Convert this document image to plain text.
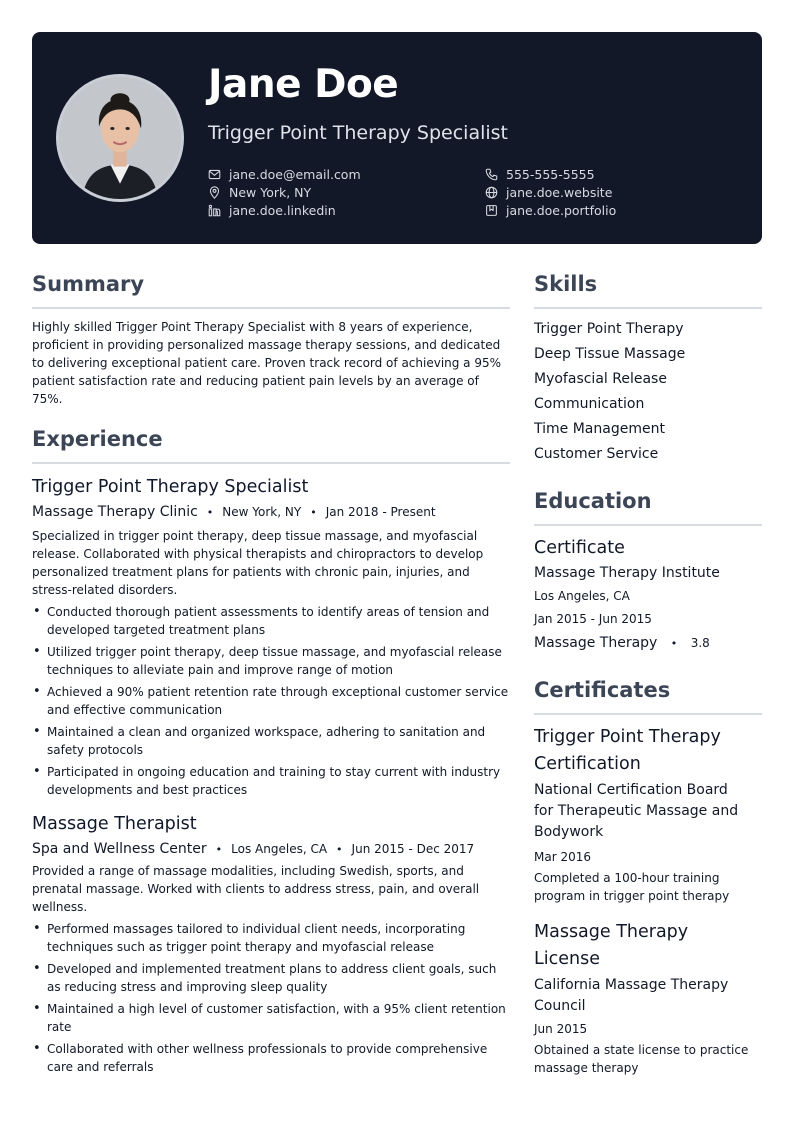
Jane Doe
Trigger Point Therapy Specialist
jane.doe@email.com
New York, NY
jane.doe.linkedin
555-555-5555
jane.doe.website
jane.doe.portfolio
Summary

Highly skilled Trigger Point Therapy Specialist with 8 years of experience, proficient in providing personalized massage therapy sessions, and dedicated to delivering exceptional patient care. Proven track record of achieving a 95% patient satisfaction rate and reducing patient pain levels by an average of 75%.

Experience
Trigger Point Therapy Specialist
Massage Therapy Clinic • New York, NY • Jan 2018 - Present

Specialized in trigger point therapy, deep tissue massage, and myofascial release. Collaborated with physical therapists and chiropractors to develop personalized treatment plans for patients with chronic pain, injuries, and stress-related disorders.

• Conducted thorough patient assessments to identify areas of tension and developed targeted treatment plans
• Utilized trigger point therapy, deep tissue massage, and myofascial release techniques to alleviate pain and improve range of motion
• Achieved a 90% patient retention rate through exceptional customer service and effective communication
• Maintained a clean and organized workspace, adhering to sanitation and safety protocols
• Participated in ongoing education and training to stay current with industry developments and best practices
Massage Therapist
Spa and Wellness Center • Los Angeles, CA • Jun 2015 - Dec 2017

Provided a range of massage modalities, including Swedish, sports, and prenatal massage. Worked with clients to address stress, pain, and overall wellness.

• Performed massages tailored to individual client needs, incorporating techniques such as trigger point therapy and myofascial release
• Developed and implemented treatment plans to address client goals, such as reducing stress and improving sleep quality
• Maintained a high level of customer satisfaction, with a 95% client retention rate
• Collaborated with other wellness professionals to provide comprehensive care and referrals
Skills
Trigger Point Therapy
Deep Tissue Massage
Myofascial Release
Communication
Time Management
Customer Service
Education
Certificate
Massage Therapy Institute
Los Angeles, CA
Jan 2015 - Jun 2015
Massage Therapy • 3.8
Certificates
Trigger Point Therapy Certification
National Certification Board for Therapeutic Massage and Bodywork
Mar 2016
Completed a 100-hour training program in trigger point therapy
Massage Therapy License
California Massage Therapy Council
Jun 2015
Obtained a state license to practice massage therapy
